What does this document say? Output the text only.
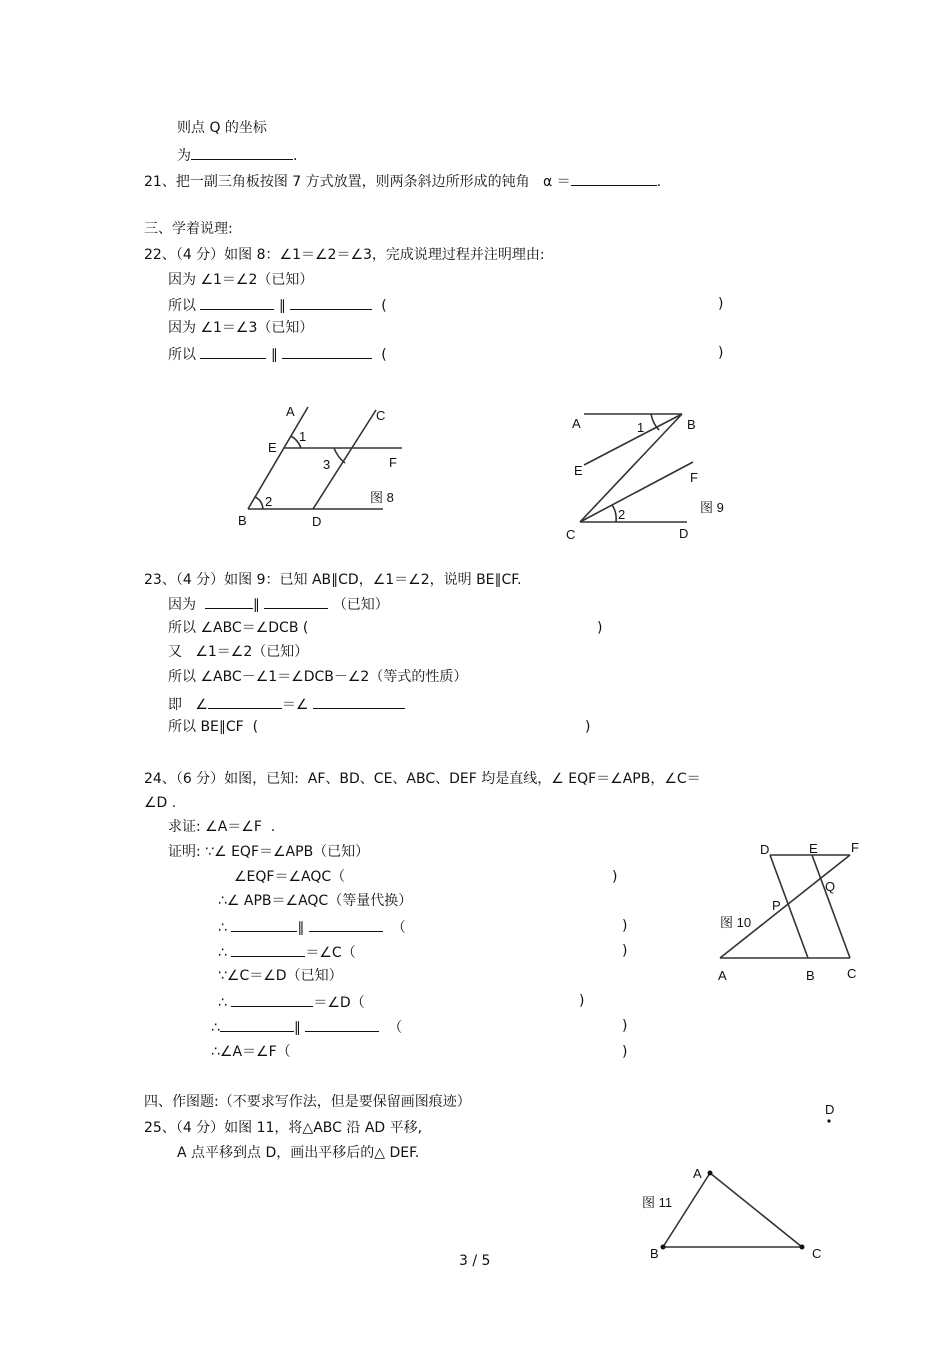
则点 Q 的坐标
为	.
21、把一副三角板按图 7 方式放置，则两条斜边所形成的钝角 α ＝	.
三、学着说理:
22、（4 分）如图 8：∠1＝∠2＝∠3，完成说理过程并注明理由:
因为 ∠1＝∠2（已知）
所以	∥	(	)
因为 ∠1＝∠3（已知）
所以	∥	(	)
A	C
E
1
3	F
2	图 8
B	D
A	1	B
E	F
2	图 9
C	D
23、（4 分）如图 9：已知 AB∥CD，∠1＝∠2，说明 BE∥CF.
因为	∥	（已知）
所以 ∠ABC＝∠DCB (	)
又   ∠1＝∠2（已知）
所以 ∠ABC－∠1＝∠DCB－∠2（等式的性质）
即   ∠	＝∠
所以 BE∥CF  (	)
24、（6 分）如图，已知:  AF、BD、CE、ABC、DEF 均是直线，∠ EQF＝∠APB，∠C＝
∠D .
求证: ∠A＝∠F  .
证明: ∵∠ EQF＝∠APB（已知）
∠EQF＝∠AQC（	)
∴∠ APB＝∠AQC（等量代换）
∴	∥	（	)
∴	＝∠C（	)
∵∠C＝∠D（已知）
∴	＝∠D（	)
∴	∥	（	)
∴∠A＝∠F（	)
D	E	F
Q
P
图 10
A	B C
四、作图题:（不要求写作法，但是要保留画图痕迹）
25、（4 分）如图 11，将△ABC 沿 AD 平移,
A 点平移到点 D，画出平移后的△ DEF.
D
A
图 11
B	C
3 / 5
